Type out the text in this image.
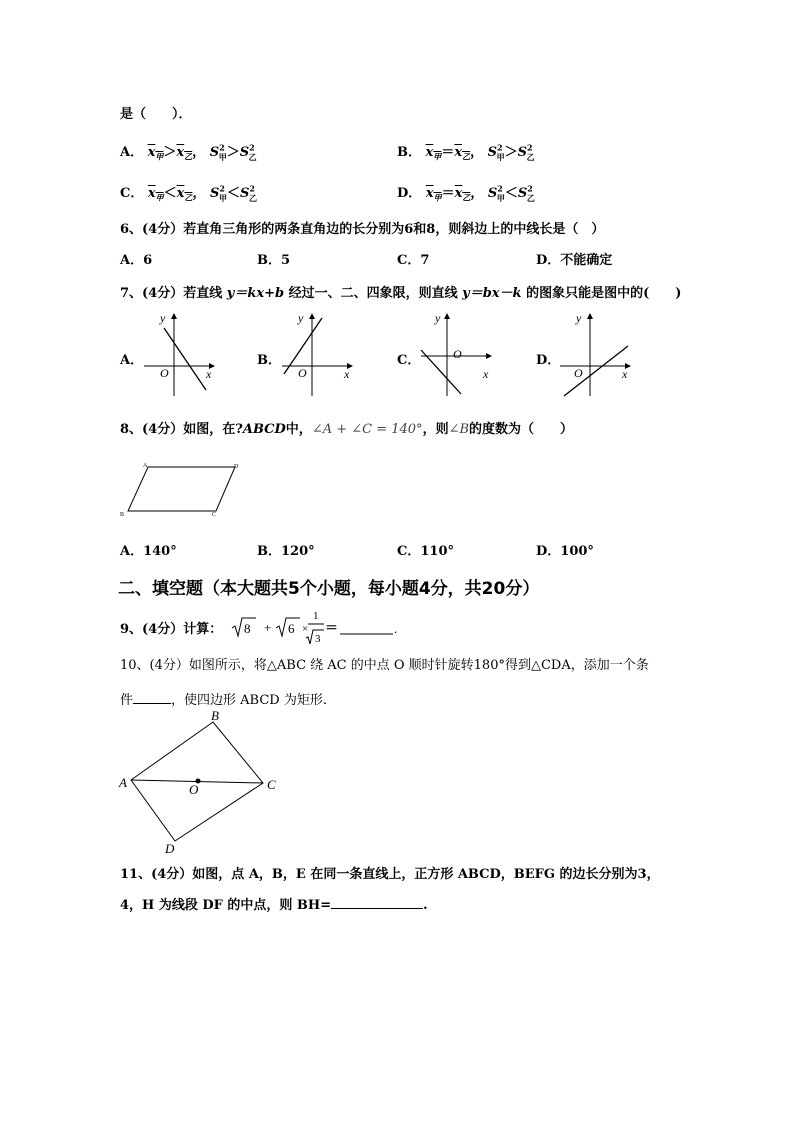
是（　　）．
A． $x_甲>x_乙$， $S^2_甲>S^2_乙$	B． $x_甲=x_乙$， $S^2_甲>S^2_乙$
C． $x_甲<x_乙$， $S^2_甲<S^2_乙$	D． $x_甲=x_乙$， $S^2_甲<S^2_乙$
6、(4分）若直角三角形的两条直角边的长分别为6和8，则斜边上的中线长是（　）
A．6	B．5	C．7	D．不能确定
7、(4分）若直线 y＝kx+b 经过一、二、四象限，则直线 y＝bx－k 的图象只能是图中的(　　)
A．	B．	C．	D．
y
x
O
y
x
O
y
x
O
y
x
O
8、(4分）如图，在?ABCD中，∠A + ∠C = 140°，则∠B的度数为（　　）
A	D
B	C
A．140°	B．120°	C．110°	D．100°
二、填空题（本大题共5个小题，每小题4分，共20分）
9、(4分）计算： 8 + 6 ×
1
3
＝	.
10、(4分）如图所示，将△ABC 绕 AC 的中点 O 顺时针旋转180°得到△CDA，添加一个条
件	，使四边形 ABCD 为矩形.
A
B
C
D
O
11、(4分）如图，点 A，B，E 在同一条直线上，正方形 ABCD，BEFG 的边长分别为3，
4，H 为线段 DF 的中点，则 BH=	.
